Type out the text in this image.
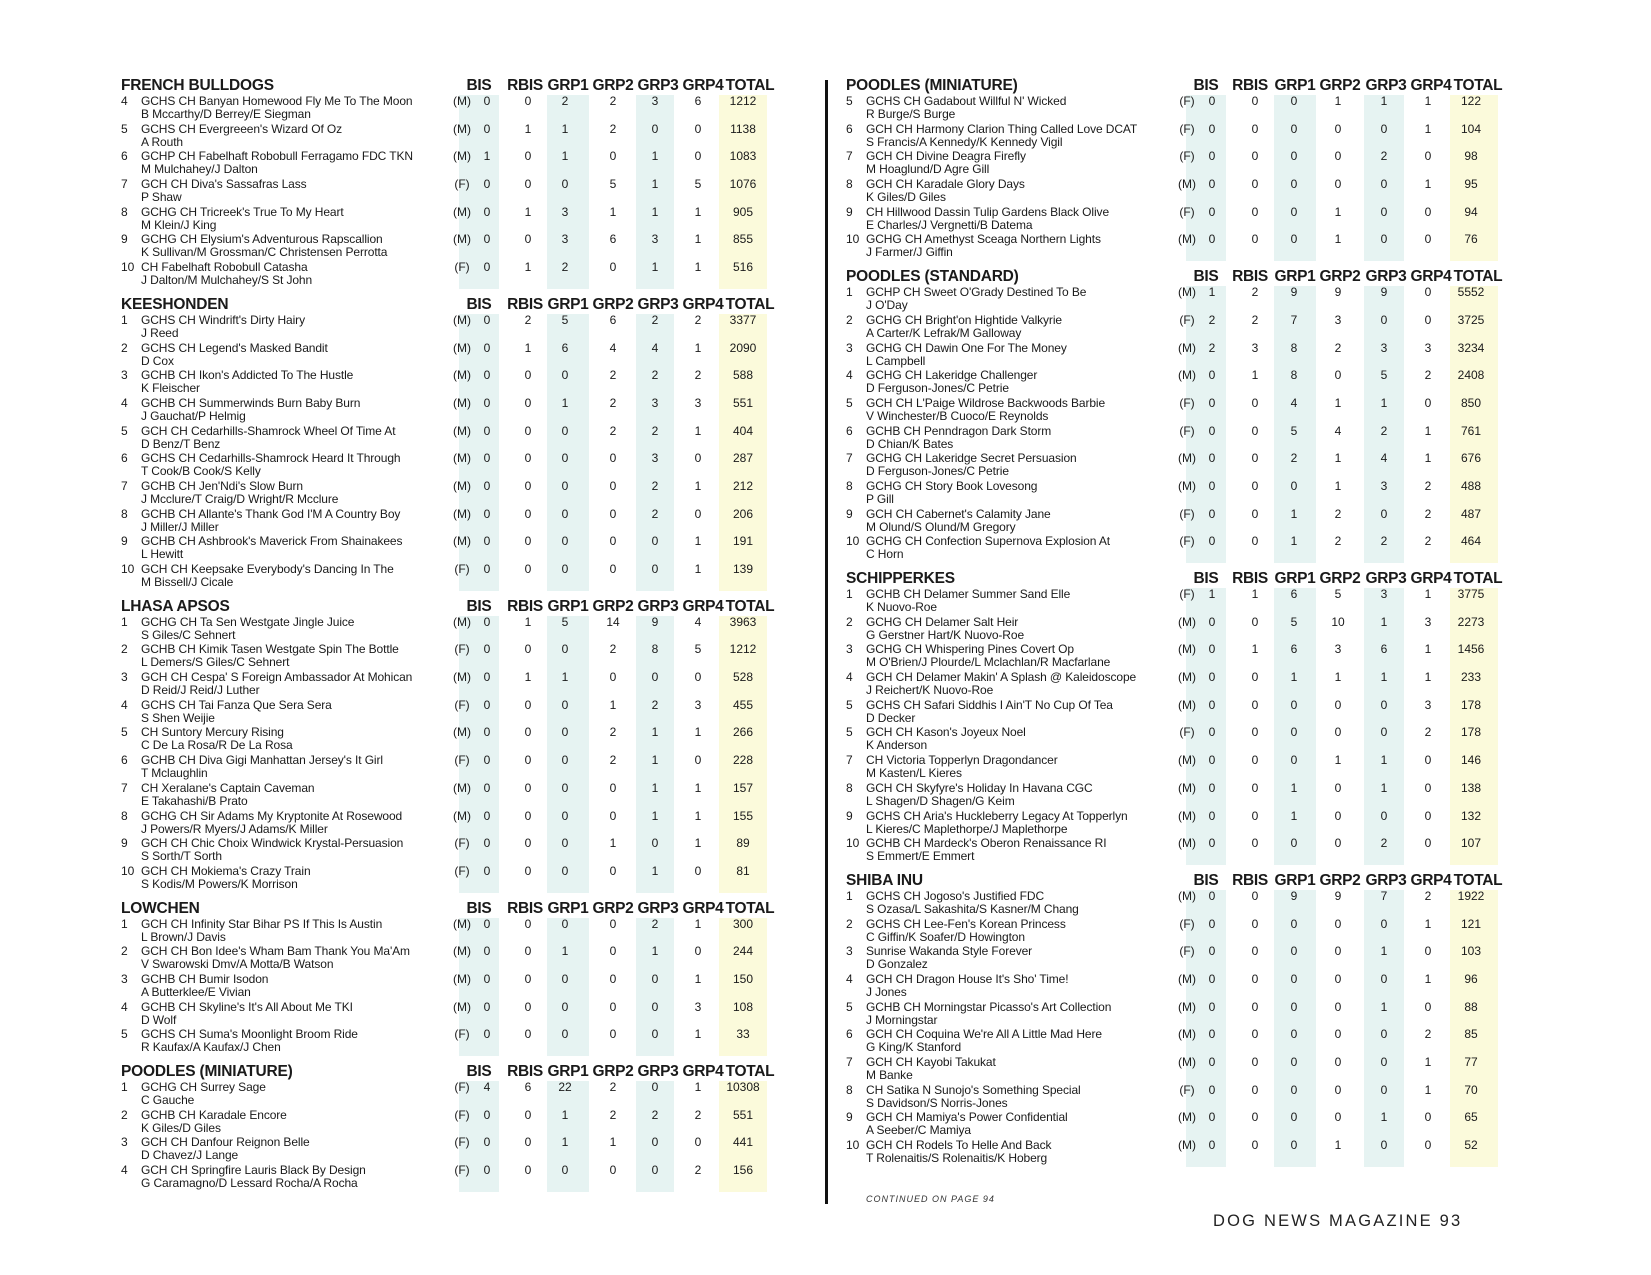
FRENCH BULLDOGS	BIS	RBIS GRP1 GRP2 GRP3 GRP4 TOTAL
4	GCHS CH Banyan Homewood Fly Me To The Moon
B Mccarthy/D Berrey/E Siegman
(M)	0	0	2	2	3	6	1212
5	GCHS CH Evergreeen's Wizard Of Oz
A Routh
(M)	0	1	1	2	0	0	1138
6	GCHP CH Fabelhaft Robobull Ferragamo FDC TKN
M Mulchahey/J Dalton
(M)	1	0	1	0	1	0	1083
7	GCH CH Diva's Sassafras Lass
P Shaw
(F)	0	0	0	5	1	5	1076
8	GCHG CH Tricreek's True To My Heart
M Klein/J King
(M)	0	1	3	1	1	1	905
9	GCHG CH Elysium's Adventurous Rapscallion
K Sullivan/M Grossman/C Christensen Perrotta
(M)	0	0	3	6	3	1	855
10 CH Fabelhaft Robobull Catasha
J Dalton/M Mulchahey/S St John
(F)	0	1	2	0	1	1	516
KEESHONDEN	BIS	RBIS GRP1 GRP2 GRP3 GRP4 TOTAL
1	GCHS CH Windrift's Dirty Hairy
J Reed
(M)	0	2	5	6	2	2	3377
2	GCHS CH Legend's Masked Bandit
D Cox
(M)	0	1	6	4	4	1	2090
3	GCHB CH Ikon's Addicted To The Hustle
K Fleischer
(M)	0	0	0	2	2	2	588
4	GCHB CH Summerwinds Burn Baby Burn
J Gauchat/P Helmig
(M)	0	0	1	2	3	3	551
5	GCH CH Cedarhills-Shamrock Wheel Of Time At
D Benz/T Benz
(M)	0	0	0	2	2	1	404
6	GCHS CH Cedarhills-Shamrock Heard It Through
T Cook/B Cook/S Kelly
(M)	0	0	0	0	3	0	287
7	GCHB CH Jen'Ndi's Slow Burn
J Mcclure/T Craig/D Wright/R Mcclure
(M)	0	0	0	0	2	1	212
8	GCHB CH Allante's Thank God I'M A Country Boy
J Miller/J Miller
(M)	0	0	0	0	2	0	206
9	GCHB CH Ashbrook's Maverick From Shainakees
L Hewitt
(M)	0	0	0	0	0	1	191
10 GCH CH Keepsake Everybody's Dancing In The
M Bissell/J Cicale
(F)	0	0	0	0	0	1	139
LHASA APSOS	BIS	RBIS GRP1 GRP2 GRP3 GRP4 TOTAL
1	GCHG CH Ta Sen Westgate Jingle Juice
S Giles/C Sehnert
(M)	0	1	5	14	9	4	3963
2	GCHB CH Kimik Tasen Westgate Spin The Bottle
L Demers/S Giles/C Sehnert
(F)	0	0	0	2	8	5	1212
3	GCH CH Cespa' S Foreign Ambassador At Mohican
D Reid/J Reid/J Luther
(M)	0	1	1	0	0	0	528
4	GCHS CH Tai Fanza Que Sera Sera
S Shen Weijie
(F)	0	0	0	1	2	3	455
5	CH Suntory Mercury Rising
C De La Rosa/R De La Rosa
(M)	0	0	0	2	1	1	266
6	GCHB CH Diva Gigi Manhattan Jersey's It Girl
T Mclaughlin
(F)	0	0	0	2	1	0	228
7	CH Xeralane's Captain Caveman
E Takahashi/B Prato
(M)	0	0	0	0	1	1	157
8	GCHG CH Sir Adams My Kryptonite At Rosewood
J Powers/R Myers/J Adams/K Miller
(M)	0	0	0	0	1	1	155
9	GCH CH Chic Choix Windwick Krystal-Persuasion
S Sorth/T Sorth
(F)	0	0	0	1	0	1	89
10 GCH CH Mokiema's Crazy Train
S Kodis/M Powers/K Morrison
(F)	0	0	0	0	1	0	81
LOWCHEN	BIS	RBIS GRP1 GRP2 GRP3 GRP4 TOTAL
1	GCH CH Infinity Star Bihar PS If This Is Austin
L Brown/J Davis
(M)	0	0	0	0	2	1	300
2	GCH CH Bon Idee's Wham Bam Thank You Ma'Am
V Swarowski Dmv/A Motta/B Watson
(M)	0	0	1	0	1	0	244
3	GCHB CH Bumir Isodon
A Butterklee/E Vivian
(M)	0	0	0	0	0	1	150
4	GCHB CH Skyline's It's All About Me TKI
D Wolf
(M)	0	0	0	0	0	3	108
5	GCHS CH Suma's Moonlight Broom Ride
R Kaufax/A Kaufax/J Chen
(F)	0	0	0	0	0	1	33
POODLES (MINIATURE)	BIS	RBIS GRP1 GRP2 GRP3 GRP4 TOTAL
1	GCHG CH Surrey Sage
C Gauche
(F)	4	6	22	2	0	1	10308
2	GCHB CH Karadale Encore
K Giles/D Giles
(F)	0	0	1	2	2	2	551
3	GCH CH Danfour Reignon Belle
D Chavez/J Lange
(F)	0	0	1	1	0	0	441
4	GCH CH Springfire Lauris Black By Design
G Caramagno/D Lessard Rocha/A Rocha
(F)	0	0	0	0	0	2	156
POODLES (MINIATURE)	BIS RBIS GRP1 GRP2 GRP3 GRP4 TOTAL
5	GCHS CH Gadabout Willful N' Wicked
R Burge/S Burge
(F)	0	0	0	1	1	1	122
6	GCH CH Harmony Clarion Thing Called Love DCAT
S Francis/A Kennedy/K Kennedy Vigil
(F)	0	0	0	0	0	1	104
7	GCH CH Divine Deagra Firefly
M Hoaglund/D Agre Gill
(F)	0	0	0	0	2	0	98
8	GCH CH Karadale Glory Days
K Giles/D Giles
(M)	0	0	0	0	0	1	95
9	CH Hillwood Dassin Tulip Gardens Black Olive
E Charles/J Vergnetti/B Datema
(F)	0	0	0	1	0	0	94
10 GCHG CH Amethyst Sceaga Northern Lights
J Farmer/J Giffin
(M)	0	0	0	1	0	0	76
POODLES (STANDARD)	BIS RBIS GRP1 GRP2 GRP3 GRP4 TOTAL
1	GCHP CH Sweet O'Grady Destined To Be
J O'Day
(M)	1	2	9	9	9	0	5552
2	GCHG CH Bright'on Hightide Valkyrie
A Carter/K Lefrak/M Galloway
(F)	2	2	7	3	0	0	3725
3	GCHG CH Dawin One For The Money
L Campbell
(M)	2	3	8	2	3	3	3234
4	GCHG CH Lakeridge Challenger
D Ferguson-Jones/C Petrie
(M)	0	1	8	0	5	2	2408
5	GCH CH L'Paige Wildrose Backwoods Barbie
V Winchester/B Cuoco/E Reynolds
(F)	0	0	4	1	1	0	850
6	GCHB CH Penndragon Dark Storm
D Chian/K Bates
(F)	0	0	5	4	2	1	761
7	GCHG CH Lakeridge Secret Persuasion
D Ferguson-Jones/C Petrie
(M)	0	0	2	1	4	1	676
8	GCHG CH Story Book Lovesong
P Gill
(M)	0	0	0	1	3	2	488
9	GCH CH Cabernet's Calamity Jane
M Olund/S Olund/M Gregory
(F)	0	0	1	2	0	2	487
10 GCHG CH Confection Supernova Explosion At
C Horn
(F)	0	0	1	2	2	2	464
SCHIPPERKES	BIS RBIS GRP1 GRP2 GRP3 GRP4 TOTAL
1	GCHB CH Delamer Summer Sand Elle
K Nuovo-Roe
(F)	1	1	6	5	3	1	3775
2	GCHG CH Delamer Salt Heir
G Gerstner Hart/K Nuovo-Roe
(M)	0	0	5	10	1	3	2273
3	GCHG CH Whispering Pines Covert Op
M O'Brien/J Plourde/L Mclachlan/R Macfarlane
(M)	0	1	6	3	6	1	1456
4	GCH CH Delamer Makin' A Splash @ Kaleidoscope
J Reichert/K Nuovo-Roe
(M)	0	0	1	1	1	1	233
5	GCHS CH Safari Siddhis I Ain'T No Cup Of Tea
D Decker
(M)	0	0	0	0	0	3	178
5	GCH CH Kason's Joyeux Noel
K Anderson
(F)	0	0	0	0	0	2	178
7	CH Victoria Topperlyn Dragondancer
M Kasten/L Kieres
(M)	0	0	0	1	1	0	146
8	GCH CH Skyfyre's Holiday In Havana CGC
L Shagen/D Shagen/G Keim
(M)	0	0	1	0	1	0	138
9	GCHS CH Aria's Huckleberry Legacy At Topperlyn
L Kieres/C Maplethorpe/J Maplethorpe
(M)	0	0	1	0	0	0	132
10 GCHB CH Mardeck's Oberon Renaissance RI
S Emmert/E Emmert
(M)	0	0	0	0	2	0	107
SHIBA INU	BIS RBIS GRP1 GRP2 GRP3 GRP4 TOTAL
1	GCHS CH Jogoso's Justified FDC
S Ozasa/L Sakashita/S Kasner/M Chang
(M)	0	0	9	9	7	2	1922
2	GCHS CH Lee-Fen's Korean Princess
C Giffin/K Soafer/D Howington
(F)	0	0	0	0	0	1	121
3	Sunrise Wakanda Style Forever
D Gonzalez
(F)	0	0	0	0	1	0	103
4	GCH CH Dragon House It's Sho' Time!
J Jones
(M)	0	0	0	0	0	1	96
5	GCHB CH Morningstar Picasso's Art Collection
J Morningstar
(M)	0	0	0	0	1	0	88
6	GCH CH Coquina We're All A Little Mad Here
G King/K Stanford
(M)	0	0	0	0	0	2	85
7	GCH CH Kayobi Takukat
M Banke
(M)	0	0	0	0	0	1	77
8	CH Satika N Sunojo's Something Special
S Davidson/S Norris-Jones
(F)	0	0	0	0	0	1	70
9	GCH CH Mamiya's Power Confidential
A Seeber/C Mamiya
(M)	0	0	0	0	1	0	65
10 GCH CH Rodels To Helle And Back
T Rolenaitis/S Rolenaitis/K Hoberg
(M)	0	0	0	1	0	0	52
CONTINUED ON PAGE 94
DOG NEWS MAGAZINE 93
